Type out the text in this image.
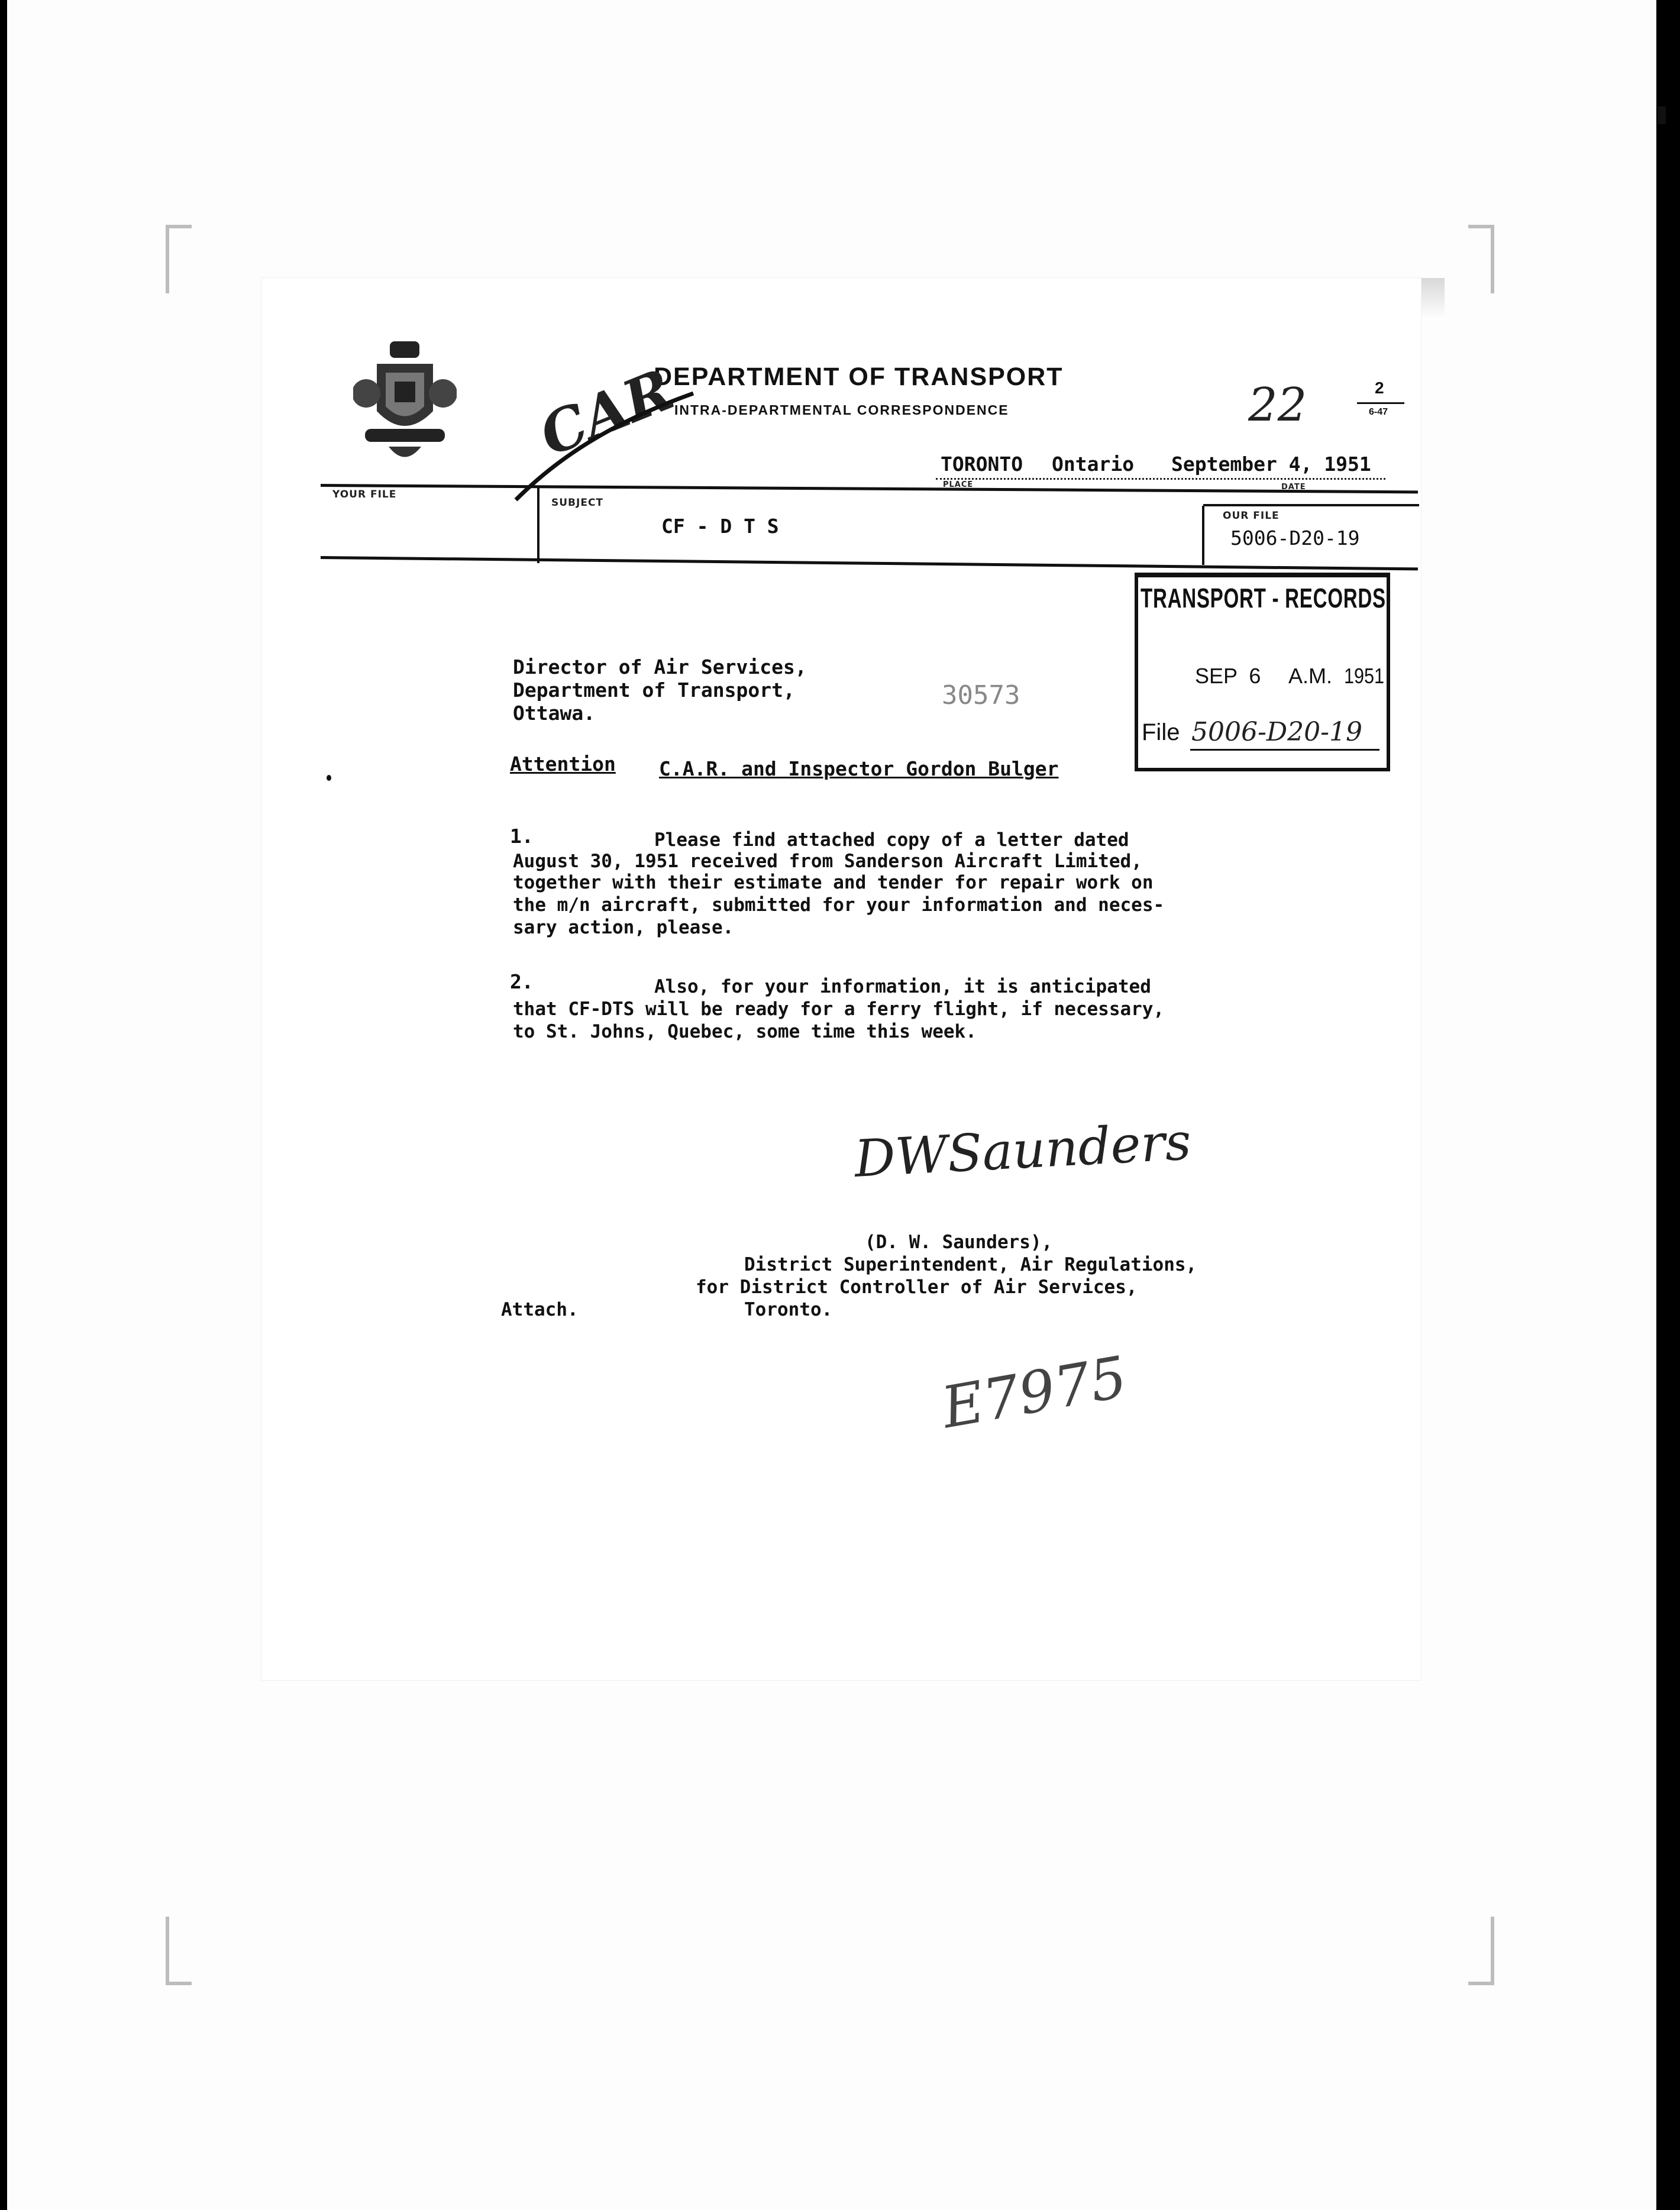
DEPARTMENT OF TRANSPORT
INTRA-DEPARTMENTAL CORRESPONDENCE	22	2
6-47
CAR	TORONTO Ontario September 4, 1951
PLACE	DATE
YOUR FILE
SUBJECT
CF - D T S	OUR FILE
5006-D20-19
TRANSPORT - RECORDS
SEP  6 A.M. 1951
File 5006-D20-19
Director of Air Services,
Department of Transport,
Ottawa.
30573
Attention C.A.R. and Inspector Gordon Bulger
1.	Please find attached copy of a letter dated
August 30, 1951 received from Sanderson Aircraft Limited,
together with their estimate and tender for repair work on
the m/n aircraft, submitted for your information and neces-
sary action, please.
2.	Also, for your information, it is anticipated
that CF-DTS will be ready for a ferry flight, if necessary,
to St. Johns, Quebec, some time this week.
DWSaunders
(D. W. Saunders),
District Superintendent, Air Regulations,
for District Controller of Air Services,
Toronto.
Attach.
E7975
